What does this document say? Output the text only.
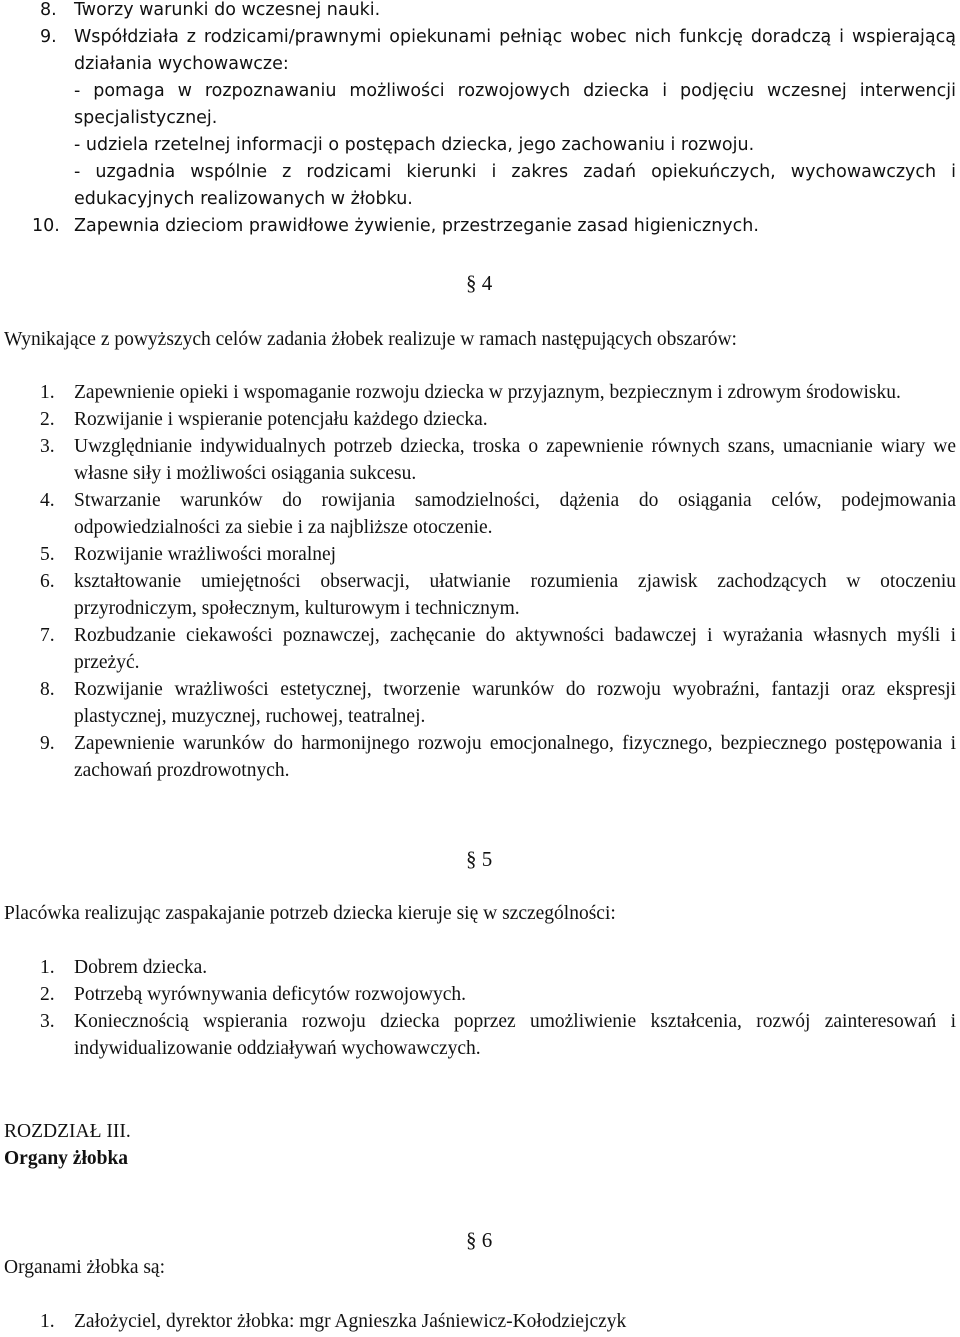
8. Tworzy warunki do wczesnej nauki.
9. Współdziała z rodzicami/prawnymi opiekunami pełniąc wobec nich funkcję doradczą i wspierającą działania wychowawcze:
- pomaga w rozpoznawaniu możliwości rozwojowych dziecka i podjęciu wczesnej interwencji specjalistycznej.
- udziela rzetelnej informacji o postępach dziecka, jego zachowaniu i rozwoju.
- uzgadnia wspólnie z rodzicami kierunki i zakres zadań opiekuńczych, wychowawczych i edukacyjnych realizowanych w żłobku.
10. Zapewnia dzieciom prawidłowe żywienie, przestrzeganie zasad higienicznych.
§ 4
Wynikające z powyższych celów zadania żłobek realizuje w ramach następujących obszarów:
1. Zapewnienie opieki i wspomaganie rozwoju dziecka w przyjaznym, bezpiecznym i zdrowym środowisku.
2. Rozwijanie i wspieranie potencjału każdego dziecka.
3. Uwzględnianie indywidualnych potrzeb dziecka, troska o zapewnienie równych szans, umacnianie wiary we własne siły i możliwości osiągania sukcesu.
4. Stwarzanie warunków do rowijania samodzielności, dążenia do osiągania celów, podejmowania odpowiedzialności za siebie i za najbliższe otoczenie.
5. Rozwijanie wrażliwości moralnej
6. kształtowanie umiejętności obserwacji, ułatwianie rozumienia zjawisk zachodzących w otoczeniu przyrodniczym, społecznym, kulturowym i technicznym.
7. Rozbudzanie ciekawości poznawczej, zachęcanie do aktywności badawczej i wyrażania własnych myśli i przeżyć.
8. Rozwijanie wrażliwości estetycznej, tworzenie warunków do rozwoju wyobraźni, fantazji oraz ekspresji plastycznej, muzycznej, ruchowej, teatralnej.
9. Zapewnienie warunków do harmonijnego rozwoju emocjonalnego, fizycznego, bezpiecznego postępowania i zachowań prozdrowotnych.
§ 5
Placówka realizując zaspakajanie potrzeb dziecka kieruje się w szczególności:
1. Dobrem dziecka.
2. Potrzebą wyrównywania deficytów rozwojowych.
3. Koniecznością wspierania rozwoju dziecka poprzez umożliwienie kształcenia, rozwój zainteresowań i indywidualizowanie oddziaływań wychowawczych.
ROZDZIAŁ III.
Organy żłobka
§ 6
Organami żłobka są:
1. Założyciel, dyrektor żłobka: mgr Agnieszka Jaśniewicz-Kołodziejczyk
